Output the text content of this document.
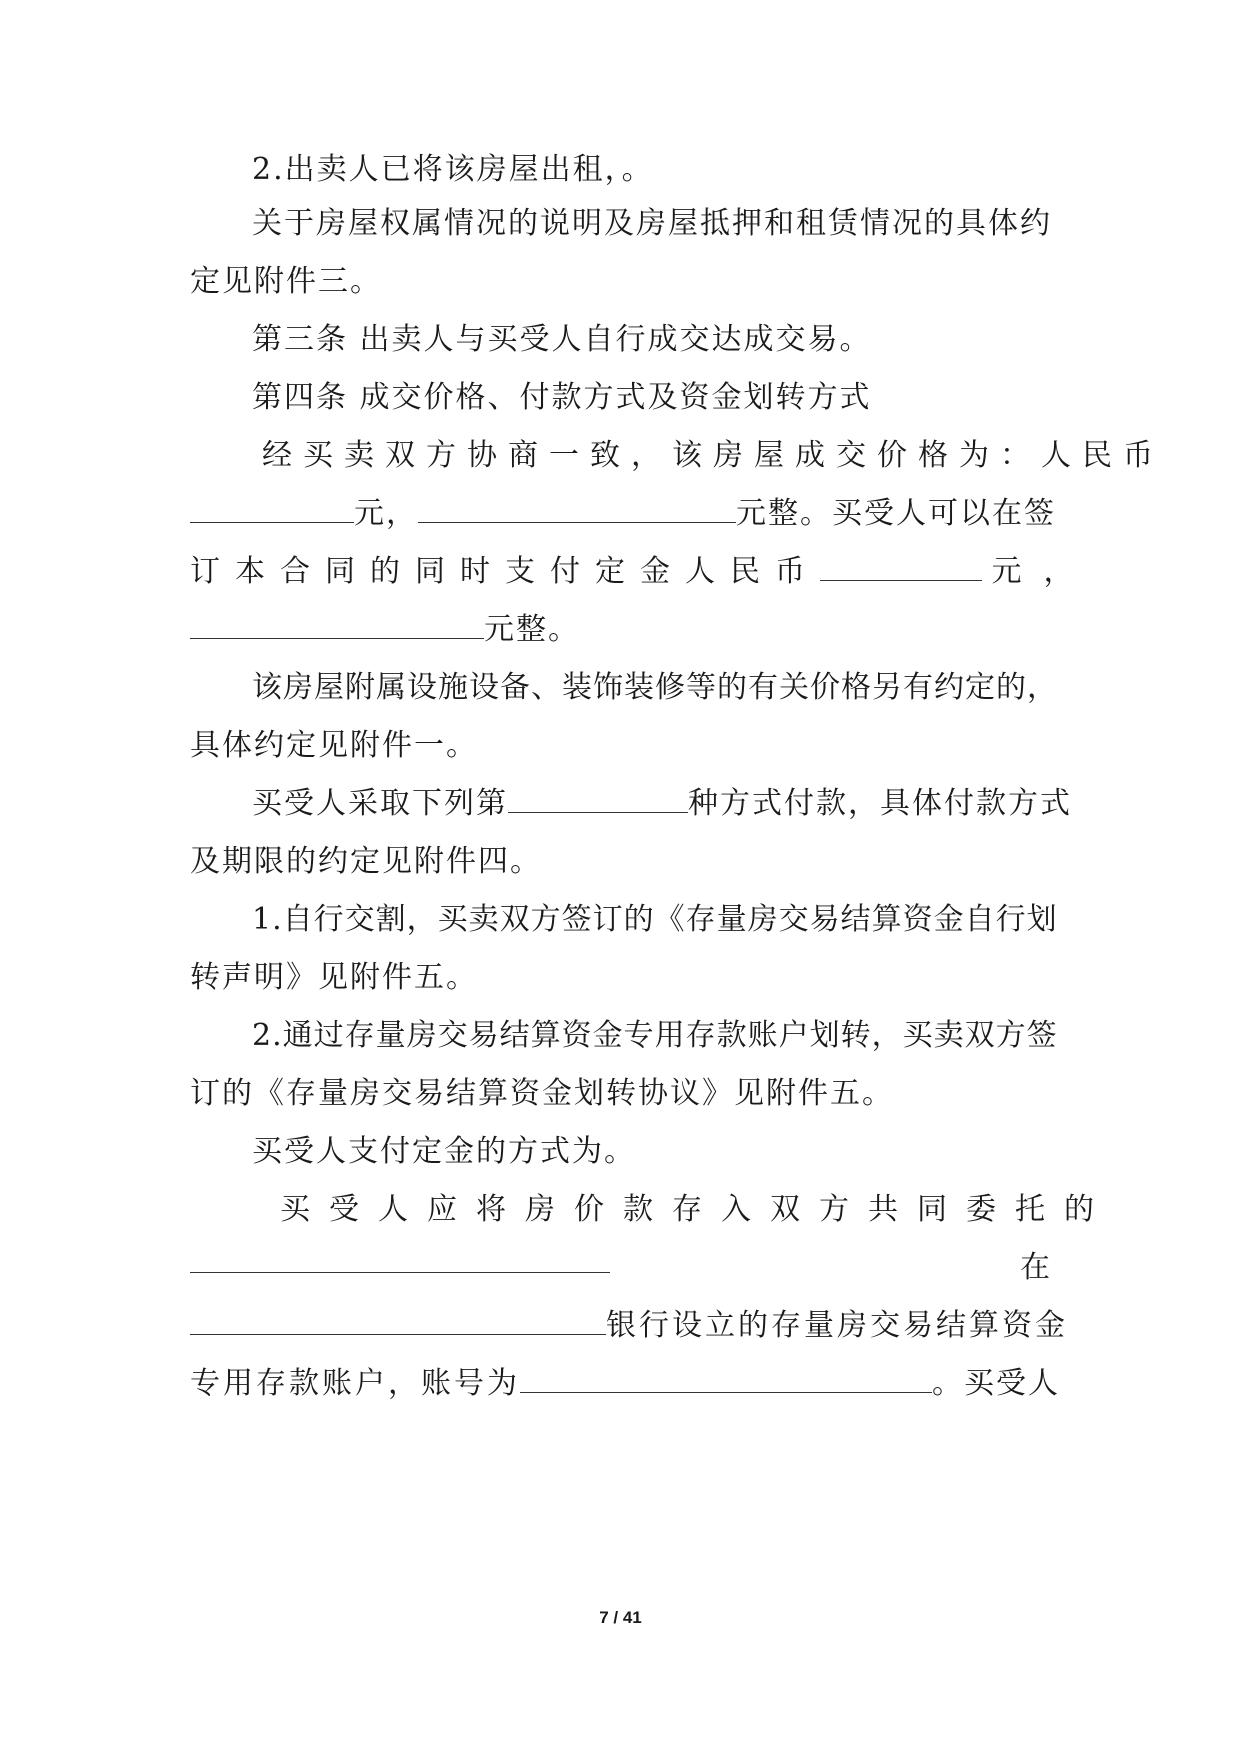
2.出卖人已将该房屋出租，。
关于房屋权属情况的说明及房屋抵押和租赁情况的具体约
定见附件三。
第三条 出卖人与买受人自行成交达成交易。
第四条 成交价格、付款方式及资金划转方式
经买卖双方协商一致，该房屋成交价格为：人民币
元，	元整。买受人可以在签
订本合同的同时支付定金人民币	元，
元整。
该房屋附属设施设备、装饰装修等的有关价格另有约定的，
具体约定见附件一。
买受人采取下列第	种方式付款，具体付款方式
及期限的约定见附件四。
1.自行交割，买卖双方签订的《存量房交易结算资金自行划
转声明》见附件五。
2.通过存量房交易结算资金专用存款账户划转，买卖双方签
订的《存量房交易结算资金划转协议》见附件五。
买受人支付定金的方式为。
买受人应将房价款存入双方共同委托的
在
银行设立的存量房交易结算资金
专用存款账户，账号为	。买受人
7 / 41
